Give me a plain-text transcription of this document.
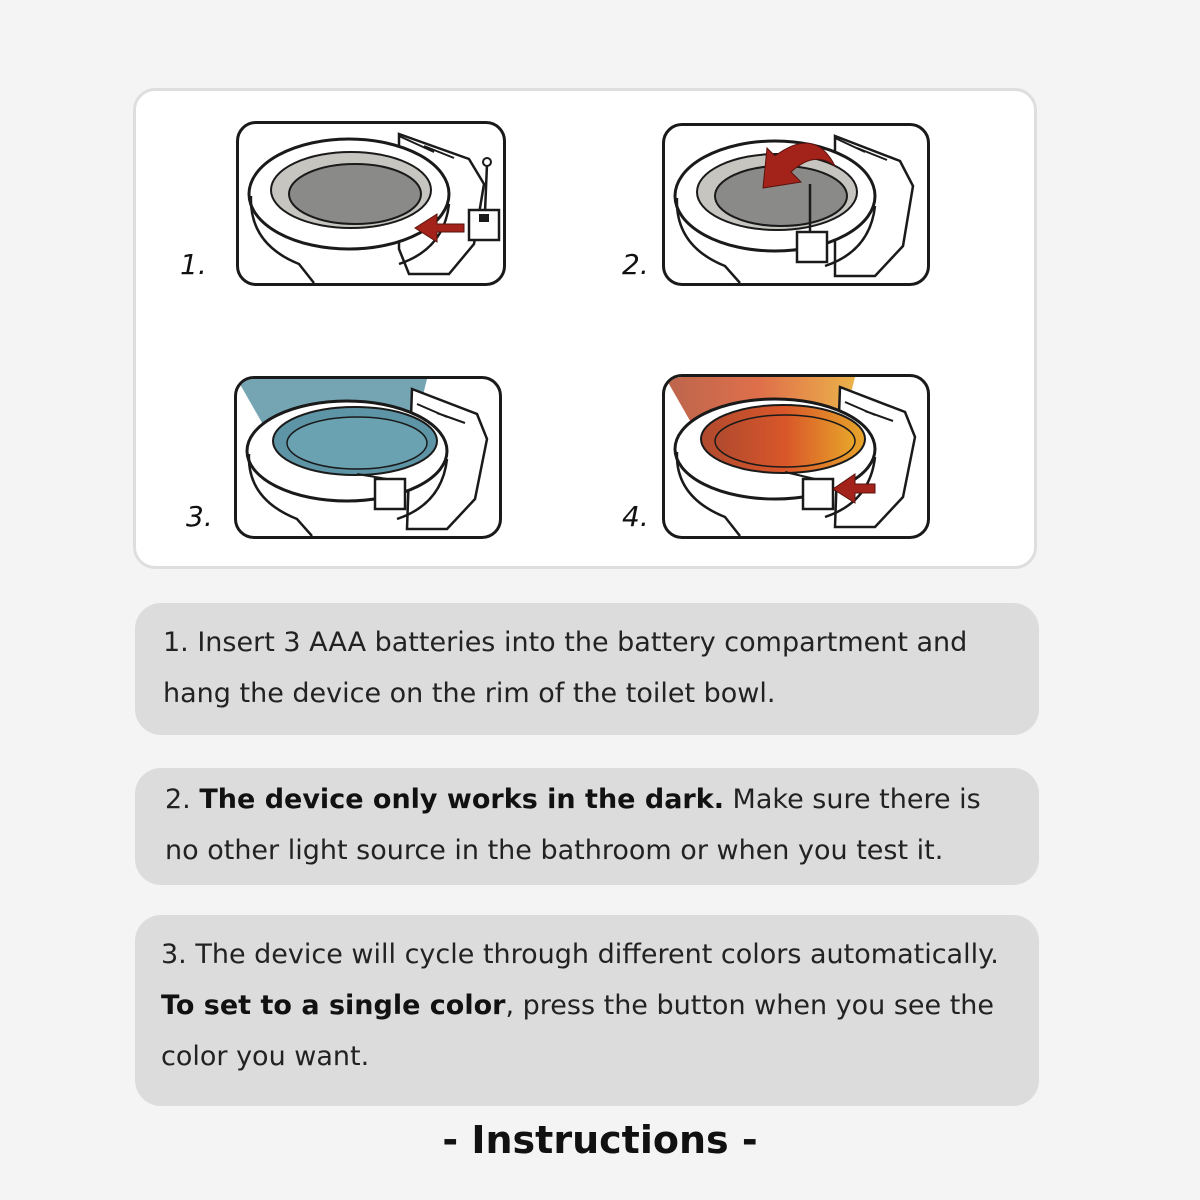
1.	2.
3.	4.

1. Insert 3 AAA batteries into the battery compartment and hang the device on the rim of the toilet bowl.

2. The device only works in the dark. Make sure there is no other light source in the bathroom or when you test it.

3. The device will cycle through different colors automatically. To set to a single color, press the button when you see the color you want.

- Instructions -
